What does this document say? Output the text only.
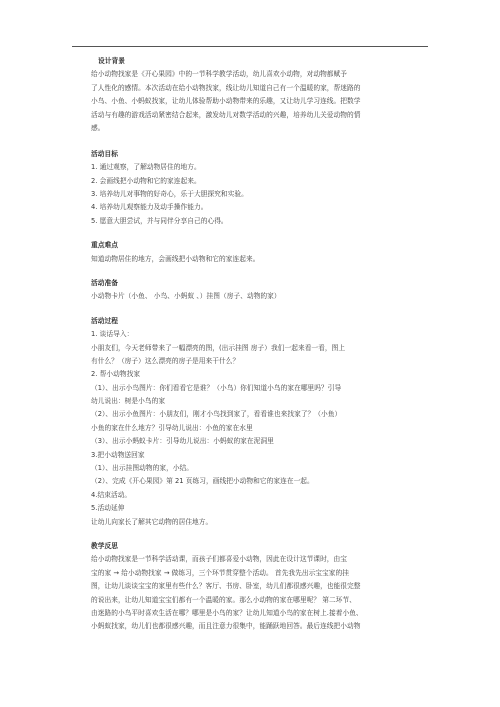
设计背景
给小动物找家是《开心果园》中的一节科学教学活动，幼儿喜欢小动物，对动物都赋予
了人性化的感情。本次活动在给小动物找家，线让幼儿知道自己有一个温暖的家，帮迷路的
小鸟、小鱼、小蚂蚁找家，让幼儿体验帮助小动物带来的乐趣，又让幼儿学习连线。把数学
活动与有趣的游戏活动紧密结合起来，激发幼儿对数学活动的兴趣，培养幼儿关爱动物的情
感。
活动目标
1. 通过观察，了解动物居住的地方。
2. 会画线把小动物和它的家连起来。
3. 培养幼儿对事物的好奇心，乐于大胆探究和实验。
4. 培养幼儿观察能力及动手操作能力。
5. 愿意大胆尝试，并与同伴分享自己的心得。
重点难点
知道动物居住的地方，会画线把小动物和它的家连起来。
活动准备
小动物卡片（小鱼、 小鸟、小蚂蚁 、）挂图（房子、动物的家）
活动过程
1. 谈话导入：
小朋友们，今天老师带来了一幅漂亮的图，(出示挂图 房子）我们一起来看一看，图上
有什么？（房子）这么漂亮的房子是用来干什么？
2. 帮小动物找家
（1）、出示小鸟图片：你们看看它是谁？（小鸟）你们知道小鸟的家在哪里吗？引导
幼儿说出：树是小鸟的家
（2）、出示小鱼图片：小朋友们，刚才小鸟找到家了，看看谁也来找家了？（小鱼）
小鱼的家在什么地方？引导幼儿说出：小鱼的家在水里
（3）、出示小蚂蚁卡片：引导幼儿说出：小蚂蚁的家在泥洞里
3.把小动物送回家
（1）、出示挂图动物的家，小结。
（2）、完成《开心果园》第 21 页练习，画线把小动物和它的家连在一起。
4.结束活动。
5.活动延伸
让幼儿向家长了解其它动物的居住地方。
教学反思
给小动物找家是一节科学活动课，而孩子们都喜爱小动物，因此在设计这节课时，由宝
宝的家 → 给小动物找家 → 做练习，三个环节贯穿整个活动。 首先我先出示宝宝家的挂
图，让幼儿谈谈宝宝的家里有些什么？客厅、书房、卧室，幼儿们都很感兴趣，也能很完整
的说出来，让幼儿知道宝宝们都有一个温暖的家。那么小动物的家在哪里呢？ 第二环节、
由迷路的小鸟平时喜欢生活在哪？哪里是小鸟的家？让幼儿知道小鸟的家在树上.接着小鱼、
小蚂蚁找家，幼儿们也都很感兴趣，而且注意力很集中，能踊跃地回答。最后连线把小动物
